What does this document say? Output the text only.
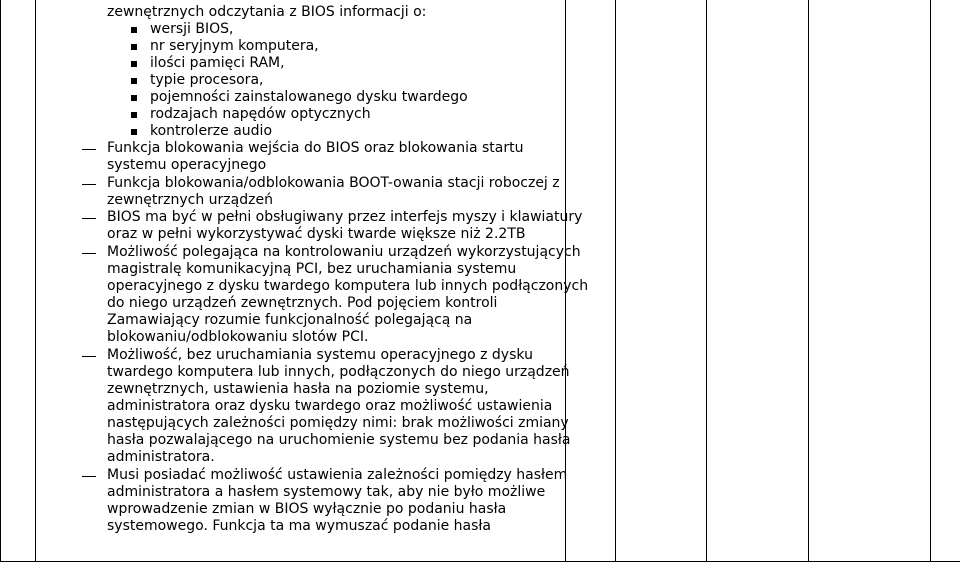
zewnętrznych odczytania z BIOS informacji o:
wersji BIOS,
nr seryjnym komputera,
ilości pamięci RAM,
typie procesora,
pojemności zainstalowanego dysku twardego
rodzajach napędów optycznych
kontrolerze audio
Funkcja blokowania wejścia do BIOS oraz blokowania startu
systemu operacyjnego
Funkcja blokowania/odblokowania BOOT-owania stacji roboczej z
zewnętrznych urządzeń
BIOS ma być w pełni obsługiwany przez interfejs myszy i klawiatury
oraz w pełni wykorzystywać dyski twarde większe niż 2.2TB
Możliwość polegająca na kontrolowaniu urządzeń wykorzystujących
magistralę komunikacyjną PCI, bez uruchamiania systemu
operacyjnego z dysku twardego komputera lub innych podłączonych
do niego urządzeń zewnętrznych. Pod pojęciem kontroli
Zamawiający rozumie funkcjonalność polegającą na
blokowaniu/odblokowaniu slotów PCI.
Możliwość, bez uruchamiania systemu operacyjnego z dysku
twardego komputera lub innych, podłączonych do niego urządzeń
zewnętrznych, ustawienia hasła na poziomie systemu,
administratora oraz dysku twardego oraz możliwość ustawienia
następujących zależności pomiędzy nimi: brak możliwości zmiany
hasła pozwalającego na uruchomienie systemu bez podania hasła
administratora.
Musi posiadać możliwość ustawienia zależności pomiędzy hasłem
administratora a hasłem systemowy tak, aby nie było możliwe
wprowadzenie zmian w BIOS wyłącznie po podaniu hasła
systemowego. Funkcja ta ma wymuszać podanie hasła
